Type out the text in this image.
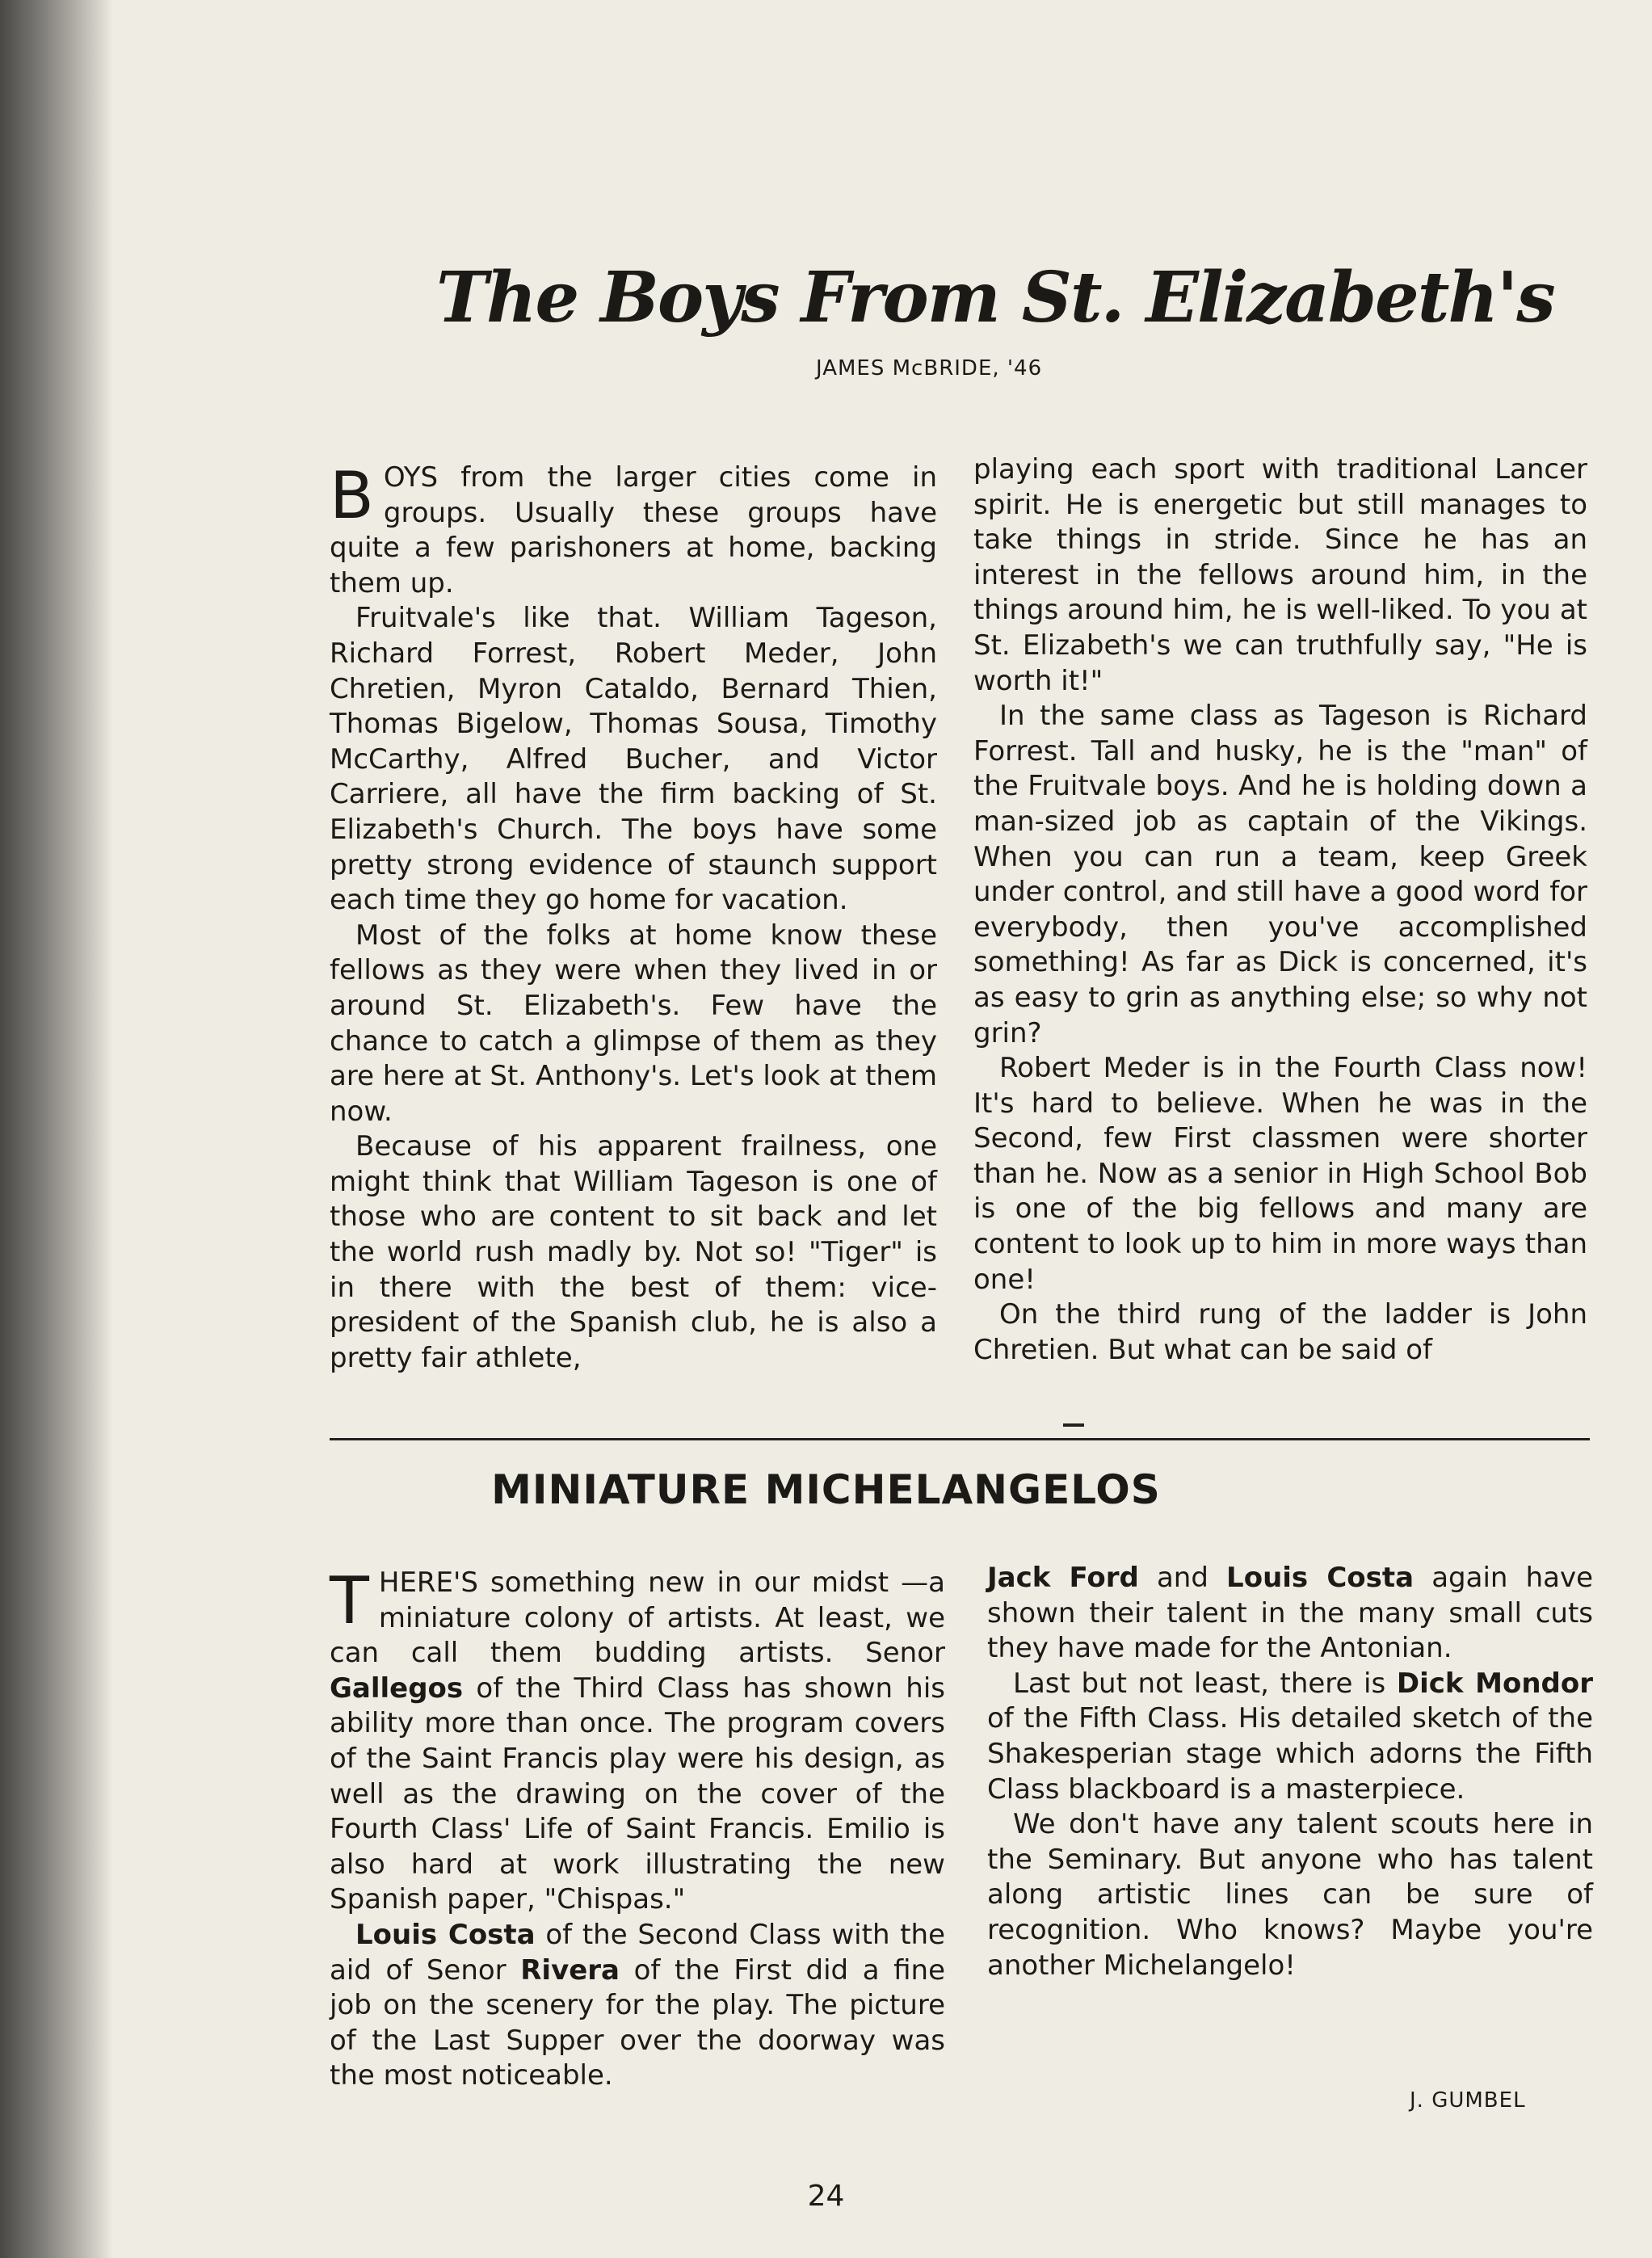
The Boys From St. Elizabeth's
JAMES McBRIDE, '46

BOYS from the larger cities come in groups. Usually these groups have quite a few parishoners at home, backing them up.

Fruitvale's like that. William Tageson, Richard Forrest, Robert Meder, John Chretien, Myron Cataldo, Bernard Thien, Thomas Bigelow, Thomas Sousa, Timothy McCarthy, Alfred Bucher, and Victor Carriere, all have the firm backing of St. Elizabeth's Church. The boys have some pretty strong evidence of staunch support each time they go home for vacation.

Most of the folks at home know these fellows as they were when they lived in or around St. Elizabeth's. Few have the chance to catch a glimpse of them as they are here at St. Anthony's. Let's look at them now.

Because of his apparent frailness, one might think that William Tageson is one of those who are content to sit back and let the world rush madly by. Not so! "Tiger" is in there with the best of them: vice-president of the Spanish club, he is also a pretty fair athlete,

playing each sport with traditional Lancer spirit. He is energetic but still manages to take things in stride. Since he has an interest in the fellows around him, in the things around him, he is well-liked. To you at St. Elizabeth's we can truthfully say, "He is worth it!"

In the same class as Tageson is Richard Forrest. Tall and husky, he is the "man" of the Fruitvale boys. And he is holding down a man-sized job as captain of the Vikings. When you can run a team, keep Greek under control, and still have a good word for everybody, then you've accomplished something! As far as Dick is concerned, it's as easy to grin as anything else; so why not grin?

Robert Meder is in the Fourth Class now! It's hard to believe. When he was in the Second, few First classmen were shorter than he. Now as a senior in High School Bob is one of the big fellows and many are content to look up to him in more ways than one!

On the third rung of the ladder is John Chretien. But what can be said of

MINIATURE MICHELANGELOS

THERE'S something new in our midst —a miniature colony of artists. At least, we can call them budding artists. Senor Gallegos of the Third Class has shown his ability more than once. The program covers of the Saint Francis play were his design, as well as the drawing on the cover of the Fourth Class' Life of Saint Francis. Emilio is also hard at work illustrating the new Spanish paper, "Chispas."

Louis Costa of the Second Class with the aid of Senor Rivera of the First did a fine job on the scenery for the play. The picture of the Last Supper over the doorway was the most noticeable.

Jack Ford and Louis Costa again have shown their talent in the many small cuts they have made for the Antonian.

Last but not least, there is Dick Mondor of the Fifth Class. His detailed sketch of the Shakesperian stage which adorns the Fifth Class blackboard is a masterpiece.

We don't have any talent scouts here in the Seminary. But anyone who has talent along artistic lines can be sure of recognition. Who knows? Maybe you're another Michelangelo!

J. GUMBEL
24
